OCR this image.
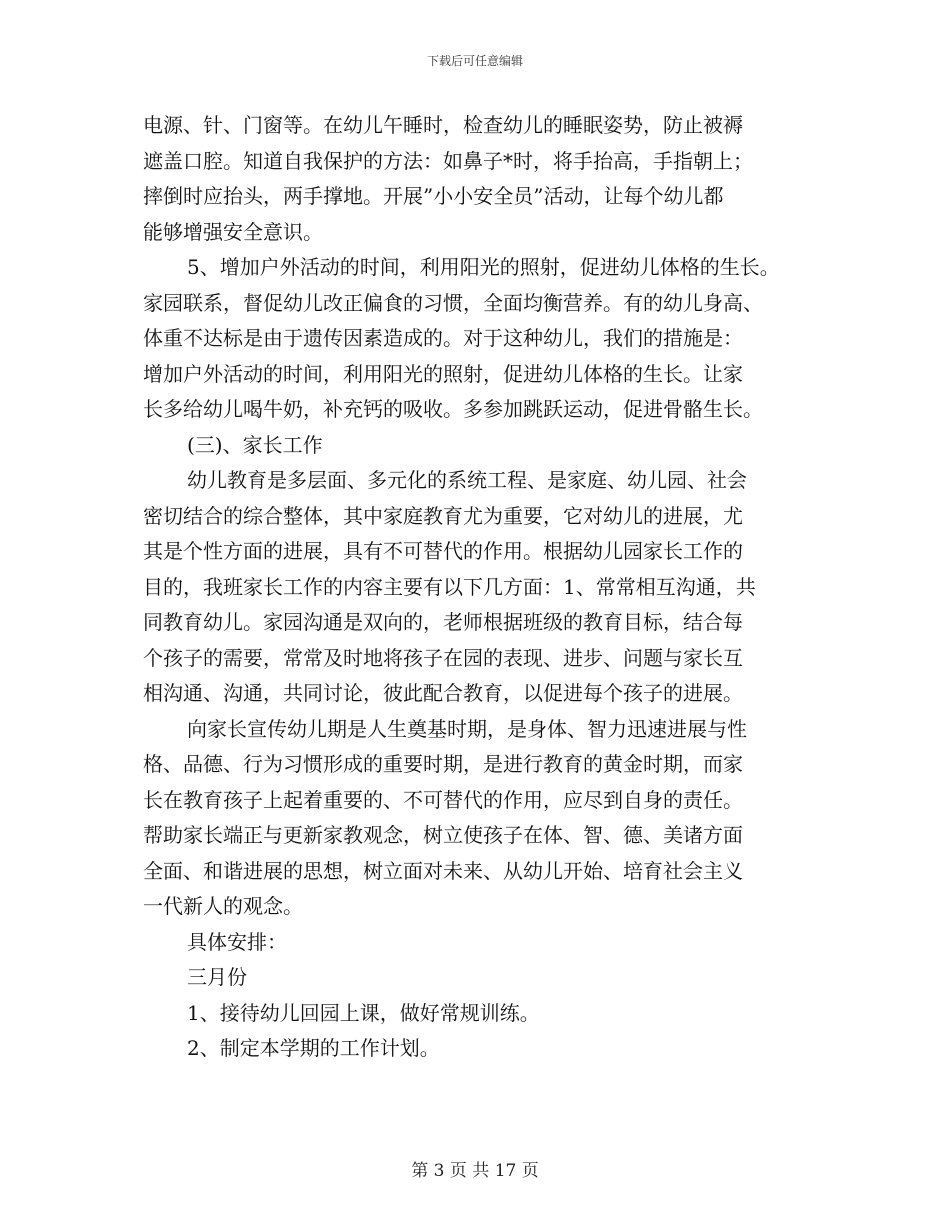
下载后可任意编辑
电源、针、门窗等。在幼儿午睡时，检查幼儿的睡眠姿势，防止被褥
遮盖口腔。知道自我保护的方法：如鼻子*时，将手抬高，手指朝上；
摔倒时应抬头，两手撑地。开展”小小安全员”活动，让每个幼儿都
能够增强安全意识。
5、增加户外活动的时间，利用阳光的照射，促进幼儿体格的生长。
家园联系，督促幼儿改正偏食的习惯，全面均衡营养。有的幼儿身高、
体重不达标是由于遗传因素造成的。对于这种幼儿，我们的措施是：
增加户外活动的时间，利用阳光的照射，促进幼儿体格的生长。让家
长多给幼儿喝牛奶，补充钙的吸收。多参加跳跃运动，促进骨骼生长。
(三)、家长工作
幼儿教育是多层面、多元化的系统工程、是家庭、幼儿园、社会
密切结合的综合整体，其中家庭教育尤为重要，它对幼儿的进展，尤
其是个性方面的进展，具有不可替代的作用。根据幼儿园家长工作的
目的，我班家长工作的内容主要有以下几方面：1、常常相互沟通，共
同教育幼儿。家园沟通是双向的，老师根据班级的教育目标，结合每
个孩子的需要，常常及时地将孩子在园的表现、进步、问题与家长互
相沟通、沟通，共同讨论，彼此配合教育，以促进每个孩子的进展。
向家长宣传幼儿期是人生奠基时期，是身体、智力迅速进展与性
格、品德、行为习惯形成的重要时期，是进行教育的黄金时期，而家
长在教育孩子上起着重要的、不可替代的作用，应尽到自身的责任。
帮助家长端正与更新家教观念，树立使孩子在体、智、德、美诸方面
全面、和谐进展的思想，树立面对未来、从幼儿开始、培育社会主义
一代新人的观念。
具体安排：
三月份
1、接待幼儿回园上课，做好常规训练。
2、制定本学期的工作计划。
第 3 页 共 17 页
